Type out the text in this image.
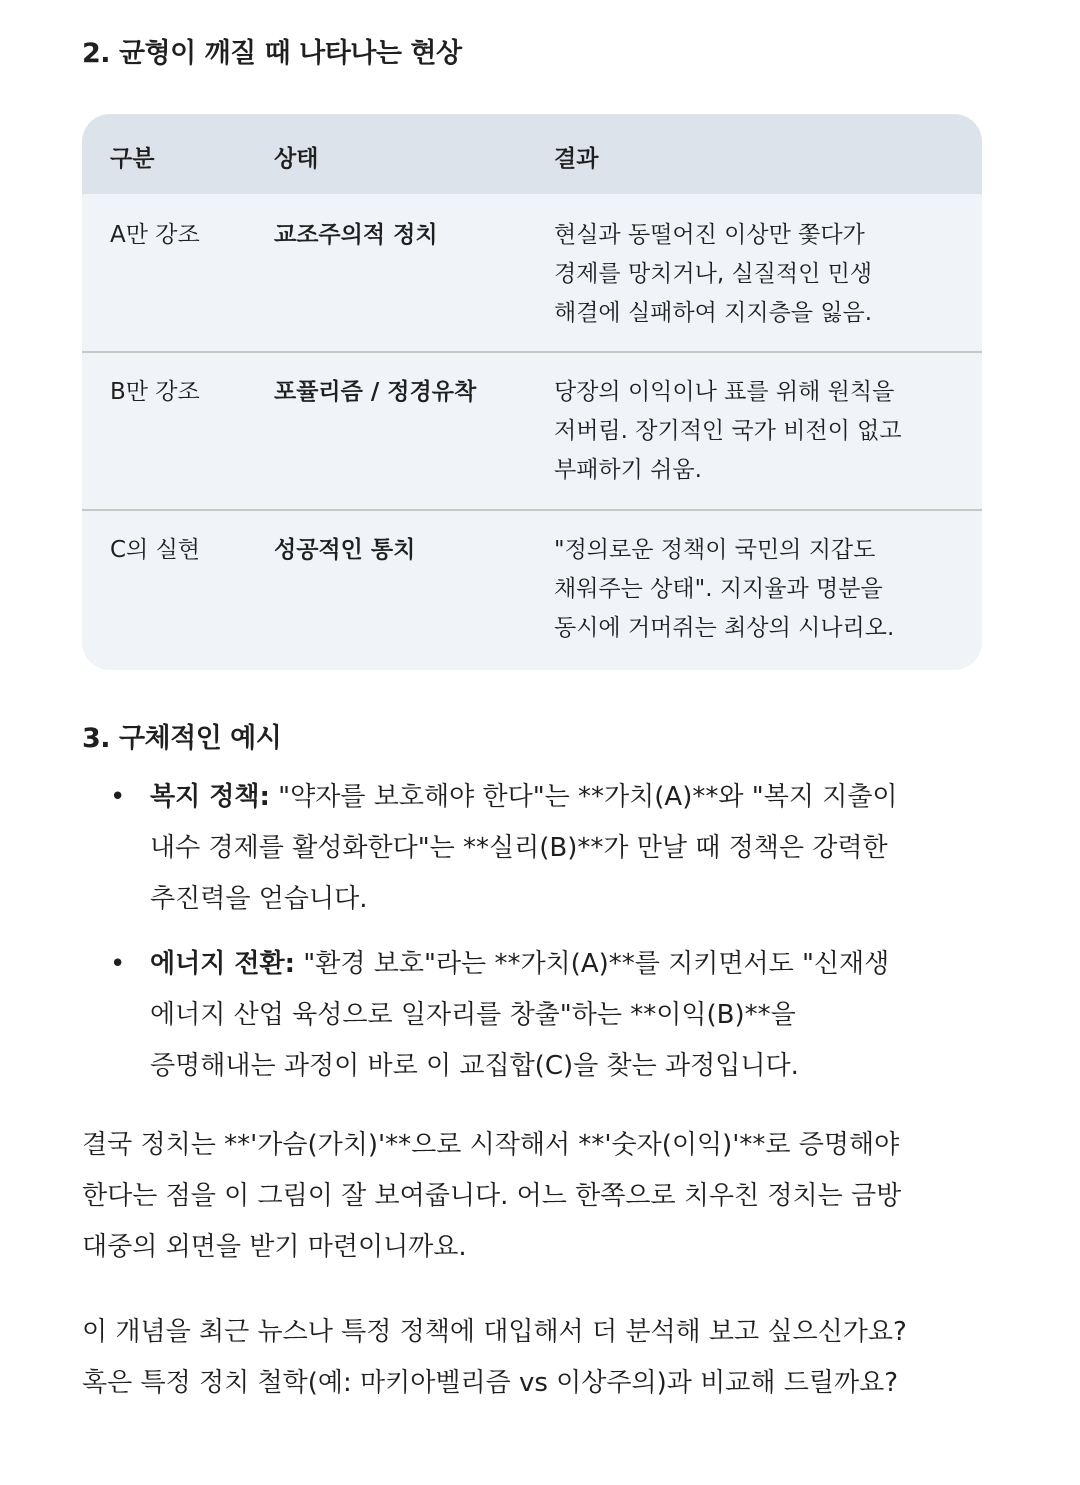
2. 균형이 깨질 때 나타나는 현상
구분	상태	결과
A만 강조	교조주의적 정치	현실과 동떨어진 이상만 쫓다가
경제를 망치거나, 실질적인 민생
해결에 실패하여 지지층을 잃음.
B만 강조	포퓰리즘 / 정경유착	당장의 이익이나 표를 위해 원칙을
저버림. 장기적인 국가 비전이 없고
부패하기 쉬움.
C의 실현	성공적인 통치	"정의로운 정책이 국민의 지갑도
채워주는 상태". 지지율과 명분을
동시에 거머쥐는 최상의 시나리오.
3. 구체적인 예시
• 복지 정책: "약자를 보호해야 한다"는 **가치(A)**와 "복지 지출이
내수 경제를 활성화한다"는 **실리(B)**가 만날 때 정책은 강력한
추진력을 얻습니다.
• 에너지 전환: "환경 보호"라는 **가치(A)**를 지키면서도 "신재생
에너지 산업 육성으로 일자리를 창출"하는 **이익(B)**을
증명해내는 과정이 바로 이 교집합(C)을 찾는 과정입니다.

결국 정치는 **'가슴(가치)'**으로 시작해서 **'숫자(이익)'**로 증명해야
한다는 점을 이 그림이 잘 보여줍니다. 어느 한쪽으로 치우친 정치는 금방
대중의 외면을 받기 마련이니까요.

이 개념을 최근 뉴스나 특정 정책에 대입해서 더 분석해 보고 싶으신가요?
혹은 특정 정치 철학(예: 마키아벨리즘 vs 이상주의)과 비교해 드릴까요?
